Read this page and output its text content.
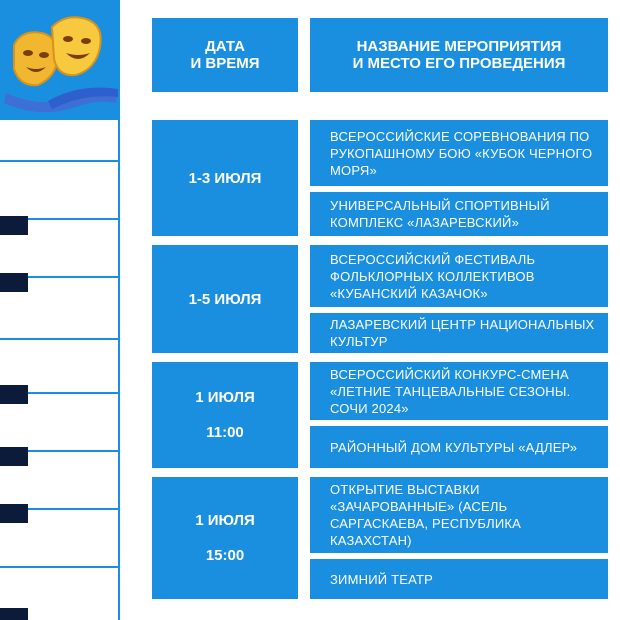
ДАТА
И ВРЕМЯ
НАЗВАНИЕ МЕРОПРИЯТИЯ
И МЕСТО ЕГО ПРОВЕДЕНИЯ
1-3 ИЮЛЯ
ВСЕРОССИЙСКИЕ СОРЕВНОВАНИЯ ПО РУКОПАШНОМУ БОЮ «КУБОК ЧЕРНОГО МОРЯ»
УНИВЕРСАЛЬНЫЙ СПОРТИВНЫЙ КОМПЛЕКС «ЛАЗАРЕВСКИЙ»
1-5 ИЮЛЯ
ВСЕРОССИЙСКИЙ ФЕСТИВАЛЬ ФОЛЬКЛОРНЫХ КОЛЛЕКТИВОВ «КУБАНСКИЙ КАЗАЧОК»
ЛАЗАРЕВСКИЙ ЦЕНТР НАЦИОНАЛЬНЫХ КУЛЬТУР
1 ИЮЛЯ
11:00
ВСЕРОССИЙСКИЙ КОНКУРС-СМЕНА «ЛЕТНИЕ ТАНЦЕВАЛЬНЫЕ СЕЗОНЫ. СОЧИ 2024»
РАЙОННЫЙ ДОМ КУЛЬТУРЫ «АДЛЕР»
1 ИЮЛЯ
15:00
ОТКРЫТИЕ ВЫСТАВКИ «ЗАЧАРОВАННЫЕ» (АСЕЛЬ САРГАСКАЕВА, РЕСПУБЛИКА КАЗАХСТАН)
ЗИМНИЙ ТЕАТР
